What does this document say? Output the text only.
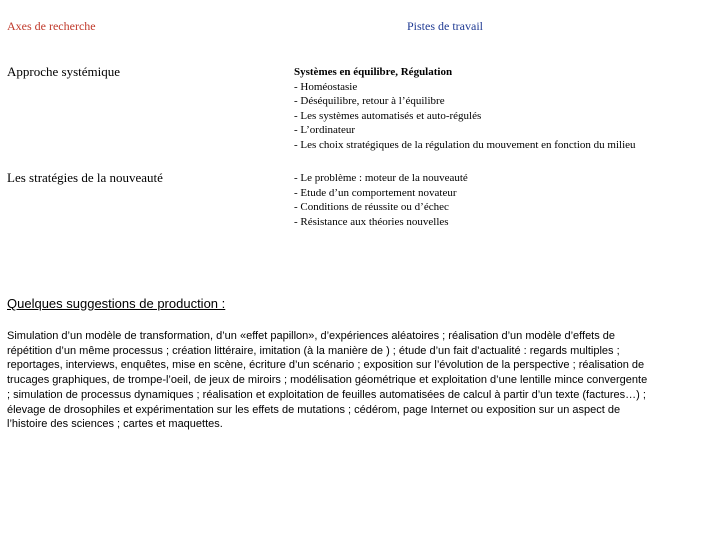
Axes de recherche	Pistes de travail
Approche systémique	Systèmes en équilibre, Régulation
- Homéostasie
- Déséquilibre, retour à l’équilibre
- Les systèmes automatisés et auto-régulés
- L’ordinateur
- Les choix stratégiques de la régulation du mouvement en fonction du milieu
Les stratégies de la nouveauté	- Le problème : moteur de la nouveauté
- Etude d’un comportement novateur
- Conditions de réussite ou d’échec
- Résistance aux théories nouvelles
Quelques suggestions de production :
Simulation d’un modèle de transformation, d’un «effet papillon», d’expériences aléatoires ; réalisation d’un modèle d’effets de répétition d’un même processus ; création littéraire, imitation (à la manière de ) ; étude d’un fait d’actualité : regards multiples ; reportages, interviews, enquêtes, mise en scène, écriture d’un scénario ; exposition sur l’évolution de la perspective ; réalisation de trucages graphiques, de trompe-l’oeil, de jeux de miroirs ; modélisation géométrique et exploitation d’une lentille mince convergente ; simulation de processus dynamiques ; réalisation et exploitation de feuilles automatisées de calcul à partir d’un texte (factures…) ; élevage de drosophiles et expérimentation sur les effets de mutations ; cédérom, page Internet ou exposition sur un aspect de l’histoire des sciences ; cartes et maquettes.
